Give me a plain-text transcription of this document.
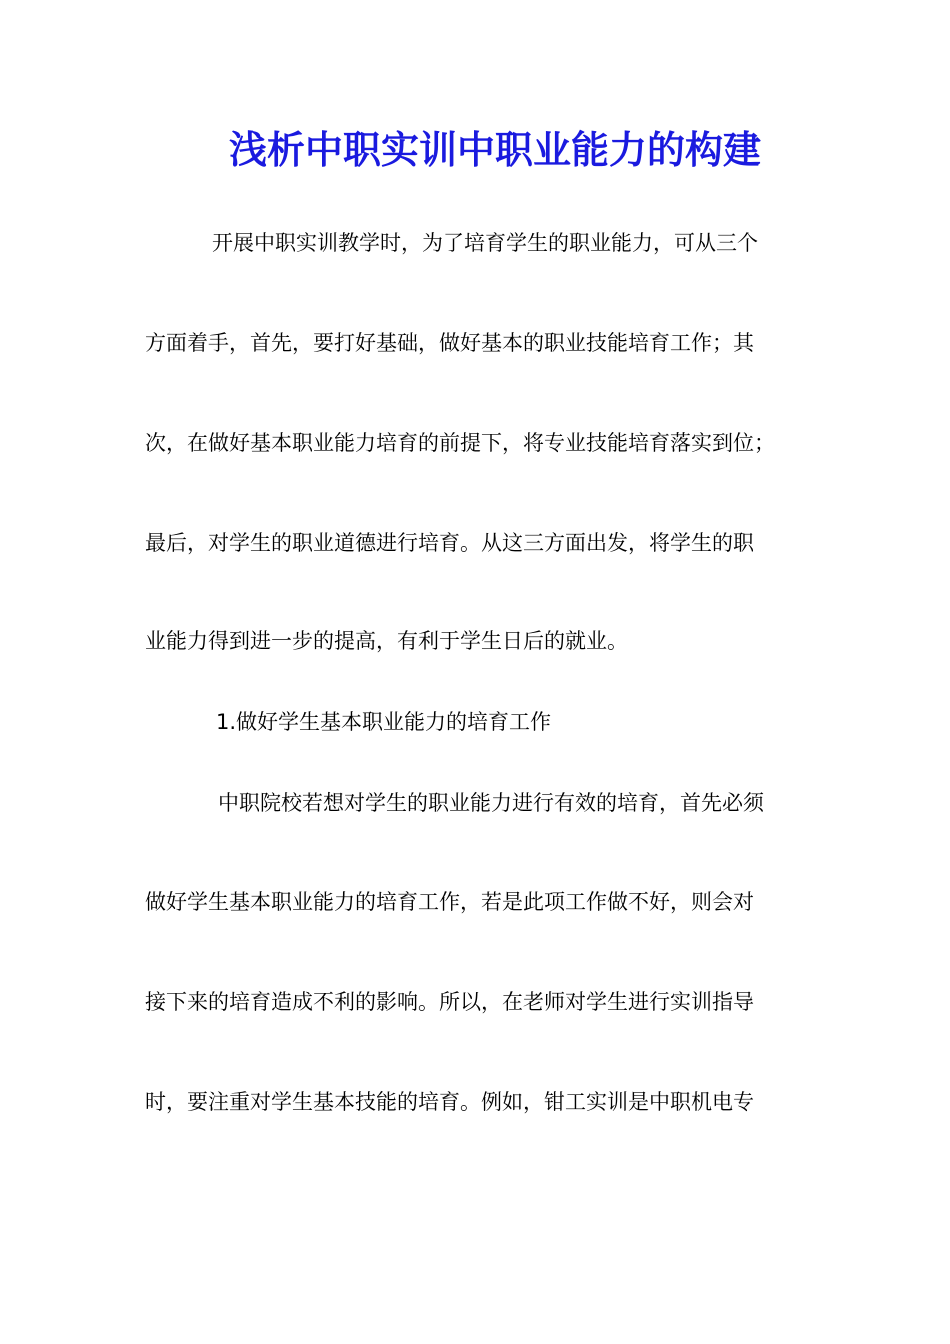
浅析中职实训中职业能力的构建

开展中职实训教学时，为了培育学生的职业能力，可从三个

方面着手，首先，要打好基础，做好基本的职业技能培育工作；其

次，在做好基本职业能力培育的前提下，将专业技能培育落实到位；

最后，对学生的职业道德进行培育。从这三方面出发，将学生的职

业能力得到进一步的提高，有利于学生日后的就业。

1.做好学生基本职业能力的培育工作

中职院校若想对学生的职业能力进行有效的培育，首先必须

做好学生基本职业能力的培育工作，若是此项工作做不好，则会对

接下来的培育造成不利的影响。所以，在老师对学生进行实训指导

时，要注重对学生基本技能的培育。例如，钳工实训是中职机电专
